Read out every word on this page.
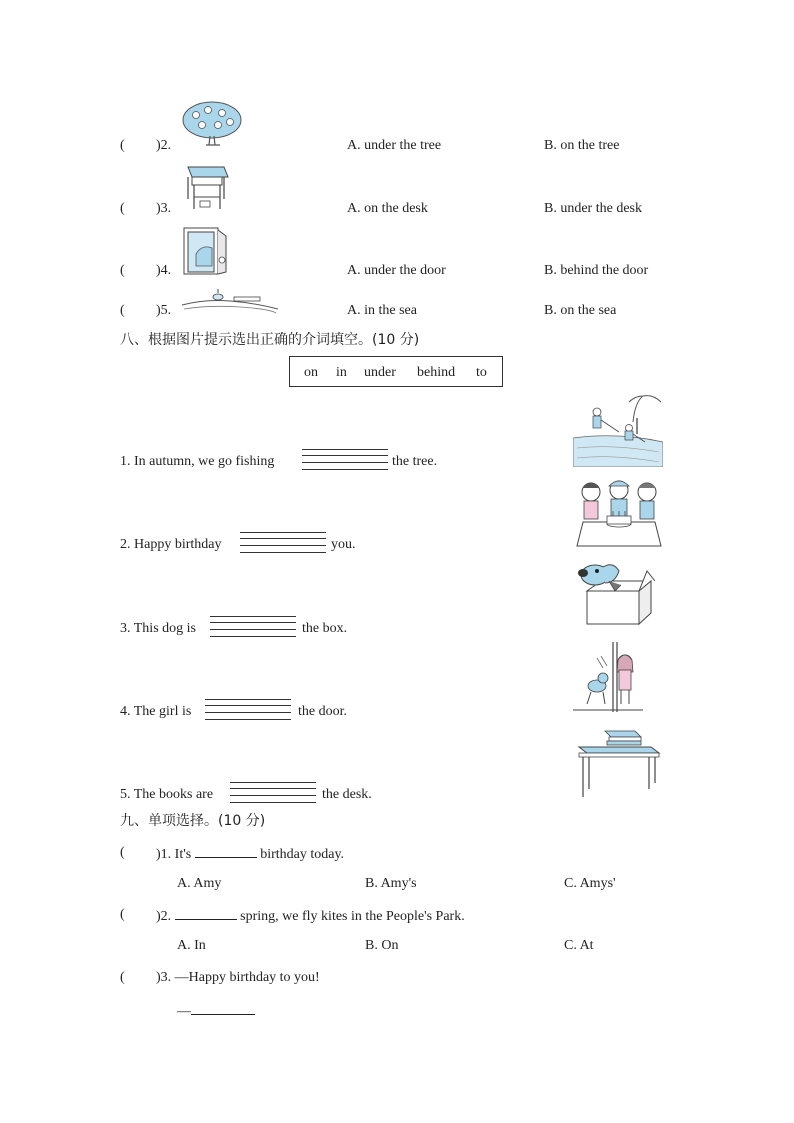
( )2.	A. under the tree	B. on the tree
( )3.	A. on the desk	B. under the desk
( )4.	A. under the door	B. behind the door
( )5.	A. in the sea	B. on the sea
八、根据图片提示选出正确的介词填空。(10 分)
on in under behind to
1. In autumn, we go fishing	the tree.
2. Happy birthday	you.
3. This dog is	the box.
4. The girl is	the door.
5. The books are	the desk.
九、单项选择。(10 分)
( )1. It's	birthday today.
A. Amy	B. Amy's	C. Amys'
( )2.	spring, we fly kites in the People's Park.
A. In	B. On	C. At
( )3. —Happy birthday to you!
—
